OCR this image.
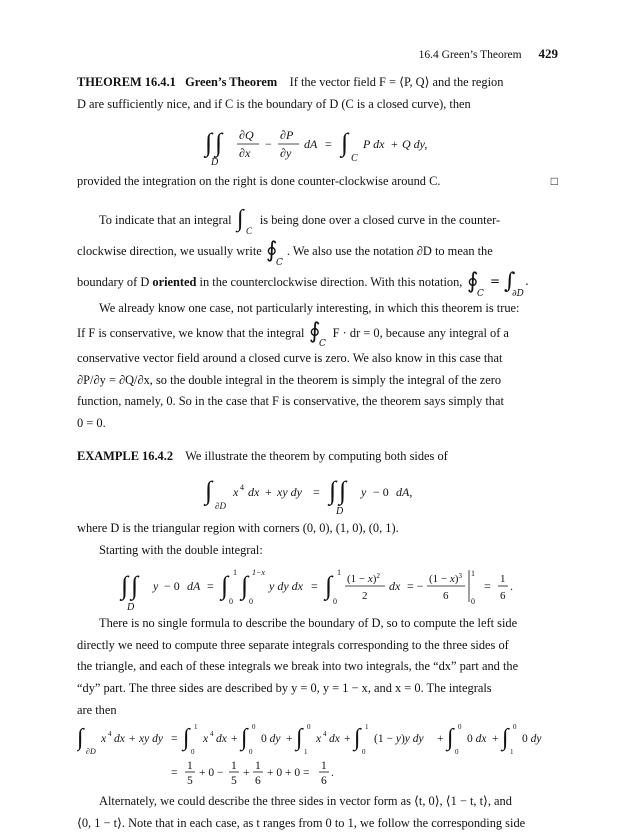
16.4 Green’s Theorem 429

THEOREM 16.4.1 Green’s Theorem If the vector field F = ⟨P, Q⟩ and the region

D are sufficiently nice, and if C is the boundary of D (C is a closed curve), then

∫ ∫
D
∂Q
∂x
−
∂P
∂y
dA = ∫
C
P dx + Q dy,

provided the integration on the right is done counter-clockwise around C.	□

To indicate that an integral ∫ C
is being done over a closed curve in the counter-

clockwise direction, we usually write ∮
C
. We also use the notation ∂D to mean the

boundary of D oriented in the counterclockwise direction. With this notation, ∮
C
= ∫
∂D
.

We already know one case, not particularly interesting, in which this theorem is true:

If F is conservative, we know that the integral ∮
C
F · dr = 0, because any integral of a

conservative vector field around a closed curve is zero. We also know in this case that

∂P/∂y = ∂Q/∂x, so the double integral in the theorem is simply the integral of the zero

function, namely, 0. So in the case that F is conservative, the theorem says simply that

0 = 0.

EXAMPLE 16.4.2 We illustrate the theorem by computing both sides of

∫
∂D
x 4 dx + xy dy = ∫ ∫
D
y − 0 dA,

where D is the triangular region with corners (0, 0), (1, 0), (0, 1).

Starting with the double integral:

∫ ∫
D
y − 0 dA = ∫ 1
0
∫ 1−x
0
y dy dx = ∫ 1
0
$(1 - x)^2$
2
dx = − $(1 - x)^3$
6
1
0

= 1
6
.

There is no single formula to describe the boundary of D, so to compute the left side

directly we need to compute three separate integrals corresponding to the three sides of

the triangle, and each of these integrals we break into two integrals, the “dx” part and the

“dy” part. The three sides are described by y = 0, y = 1 − x, and x = 0. The integrals

are then

∫
∂D
x 4 dx + xy dy = ∫ 1
0
x 4 dx + ∫ 0
0
0 dy + ∫ 0
1
x 4 dx + ∫ 1
0
(1 − y)y dy + ∫ 0
0
0 dx + ∫ 0
1
0 dy
=
1
5
+ 0 −
1
5
+
1
6
+ 0 + 0 =
1
6
.

Alternately, we could describe the three sides in vector form as ⟨t, 0⟩, ⟨1 − t, t⟩, and

⟨0, 1 − t⟩. Note that in each case, as t ranges from 0 to 1, we follow the corresponding side
